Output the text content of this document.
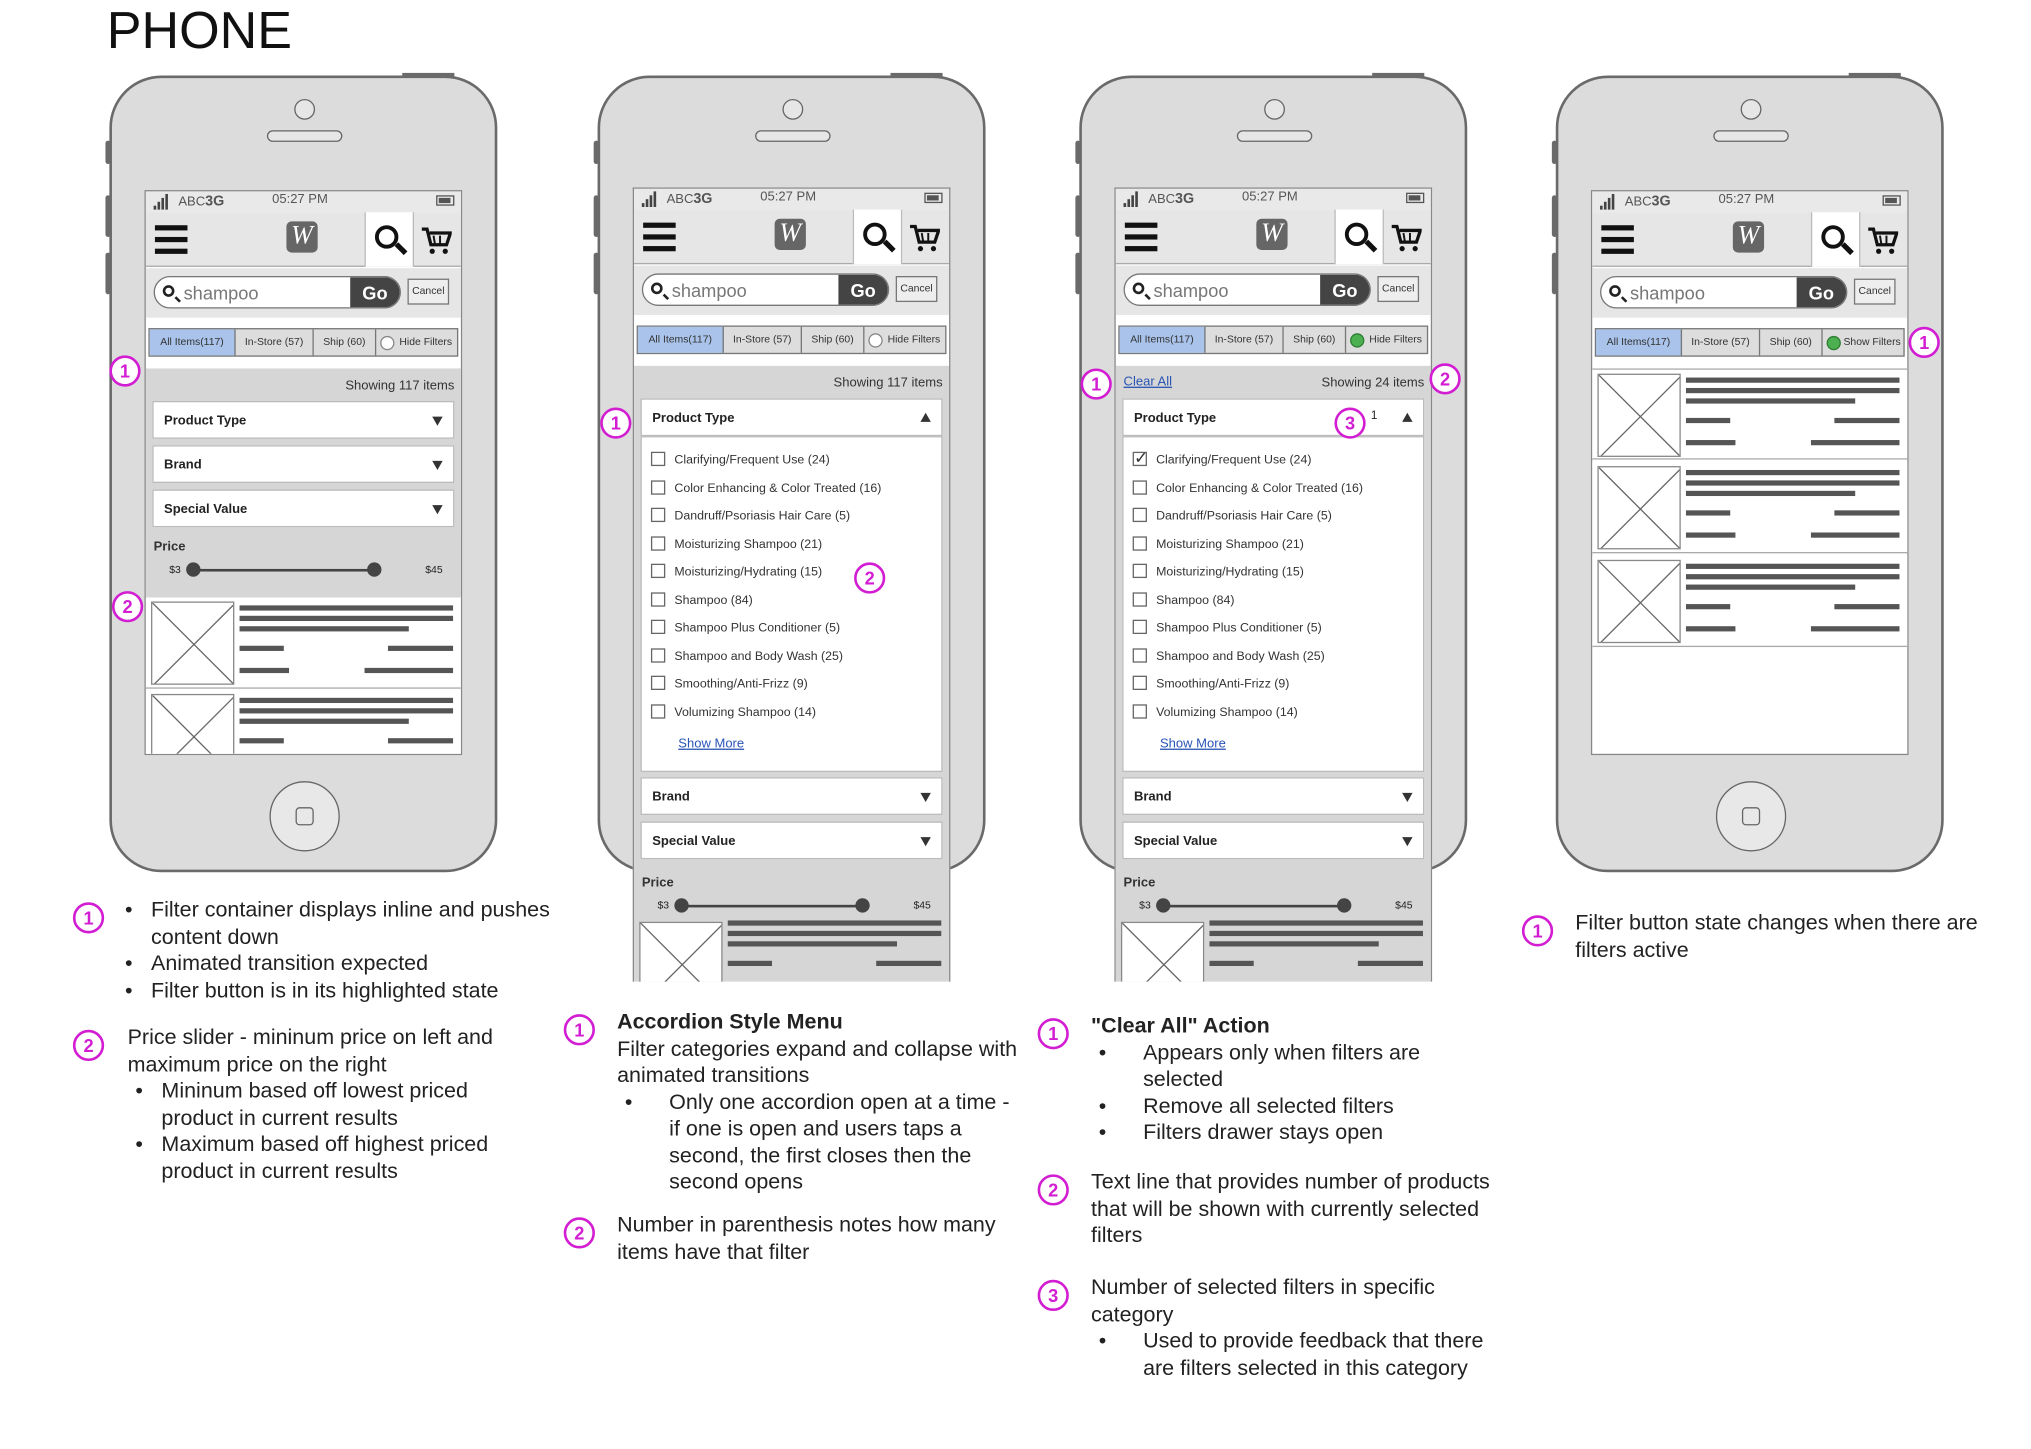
PHONE
ABC3G	05:27 PM
W
shampoo	Go	Cancel
All Items(117)	In-Store (57)	Ship (60)	Hide Filters
Showing 117 items
Product Type
Brand
Special Value
Price
$3	$45
1
2
ABC3G	05:27 PM
W
shampoo	Go	Cancel
All Items(117)	In-Store (57)	Ship (60)	Hide Filters
Showing 117 items
Product Type
Clarifying/Frequent Use (24)
Color Enhancing & Color Treated (16)
Dandruff/Psoriasis Hair Care (5)
Moisturizing Shampoo (21)
Moisturizing/Hydrating (15)
Shampoo (84)
Shampoo Plus Conditioner (5)
Shampoo and Body Wash (25)
Smoothing/Anti-Frizz (9)
Volumizing Shampoo (14)
Show More
Brand
Special Value
Price
$3	$45
1
2
ABC3G	05:27 PM
W
shampoo	Go	Cancel
All Items(117)	In-Store (57)	Ship (60)	Hide Filters
Clear All	Showing 24 items
Product Type	1
✓Clarifying/Frequent Use (24)
Color Enhancing & Color Treated (16)
Dandruff/Psoriasis Hair Care (5)
Moisturizing Shampoo (21)
Moisturizing/Hydrating (15)
Shampoo (84)
Shampoo Plus Conditioner (5)
Shampoo and Body Wash (25)
Smoothing/Anti-Frizz (9)
Volumizing Shampoo (14)
Show More
Brand
Special Value
Price
$3	$45
1	2
3
ABC3G	05:27 PM
W
shampoo	Go	Cancel
All Items(117)	In-Store (57)	Ship (60)	Show Filters	1
1
•	Filter container displays inline and pushes content down
• Animated transition expected
• Filter button is in its highlighted state
2	Price slider - mininum price on left and maximum price on the right
• Mininum based off lowest priced product in current results
• Maximum based off highest priced product in current results
1	Accordion Style Menu
Filter categories expand and collapse with animated transitions
• Only one accordion open at a time - if one is open and users taps a second, the first closes then the second opens
2	Number in parenthesis notes how many items have that filter
1	"Clear All" Action
• Appears only when filters are selected
• Remove all selected filters
• Filters drawer stays open
2	Text line that provides number of products that will be shown with currently selected filters
3	Number of selected filters in specific category
• Used to provide feedback that there are filters selected in this category
1	Filter button state changes when there are filters active
